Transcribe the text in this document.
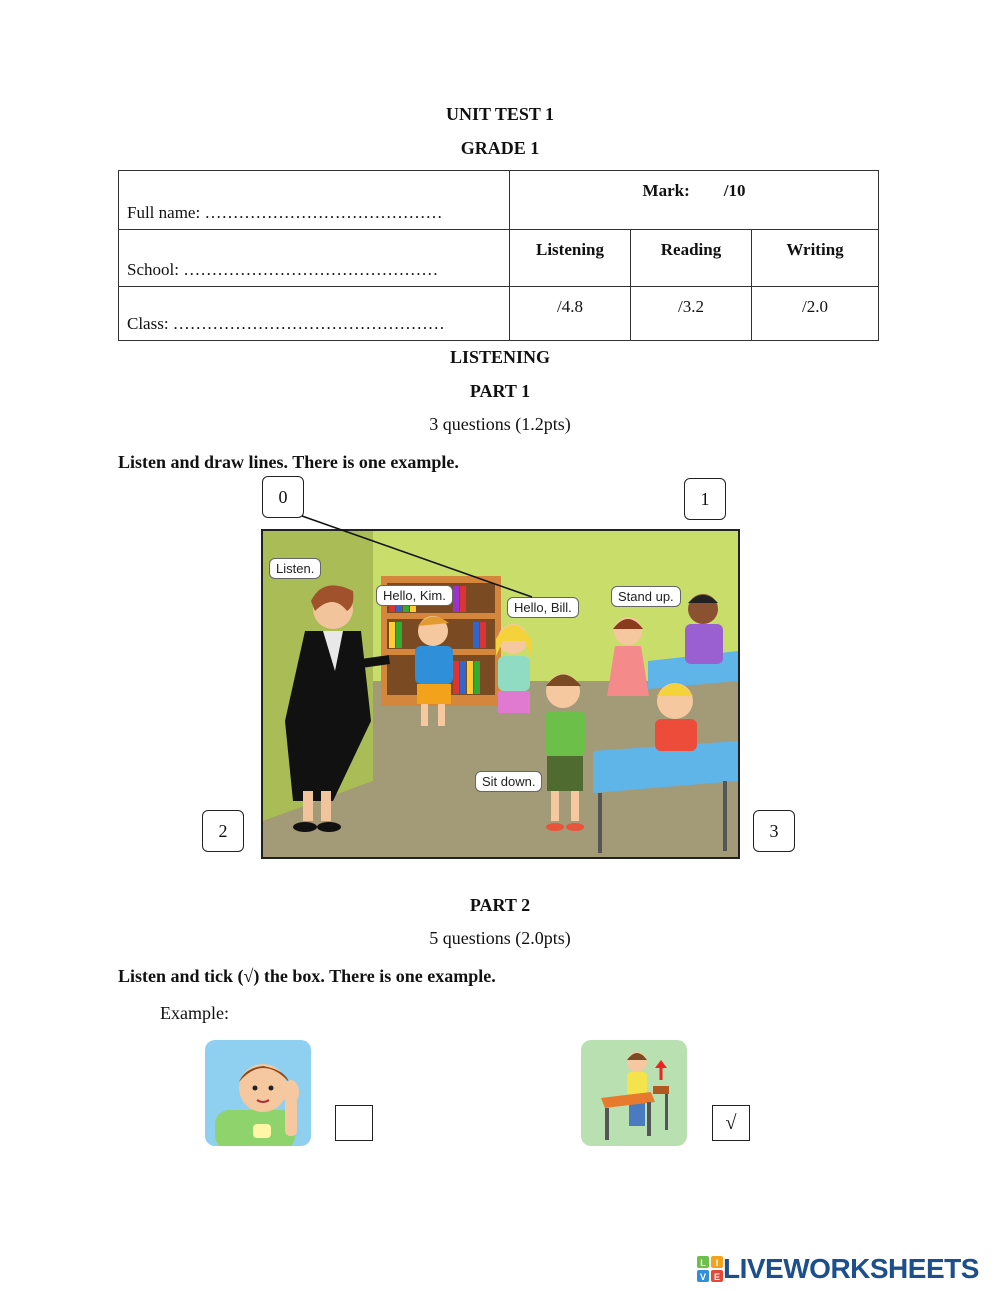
UNIT TEST 1
GRADE 1
Full name: ……………………………………	Mark:        /10		
School: ………………………………………	Listening	Reading	Writing
Class: …………………………………………	/4.8	/3.2	/2.0
LISTENING
PART 1
3 questions (1.2pts)
Listen and draw lines. There is one example.
0	1
2	3
Listen.
Hello, Kim.
Hello, Bill.
Stand up.
Sit down.
PART 2
5 questions (2.0pts)
Listen and tick (√) the box. There is one example.
Example:
√
L I
V E LIVEWORKSHEETS
